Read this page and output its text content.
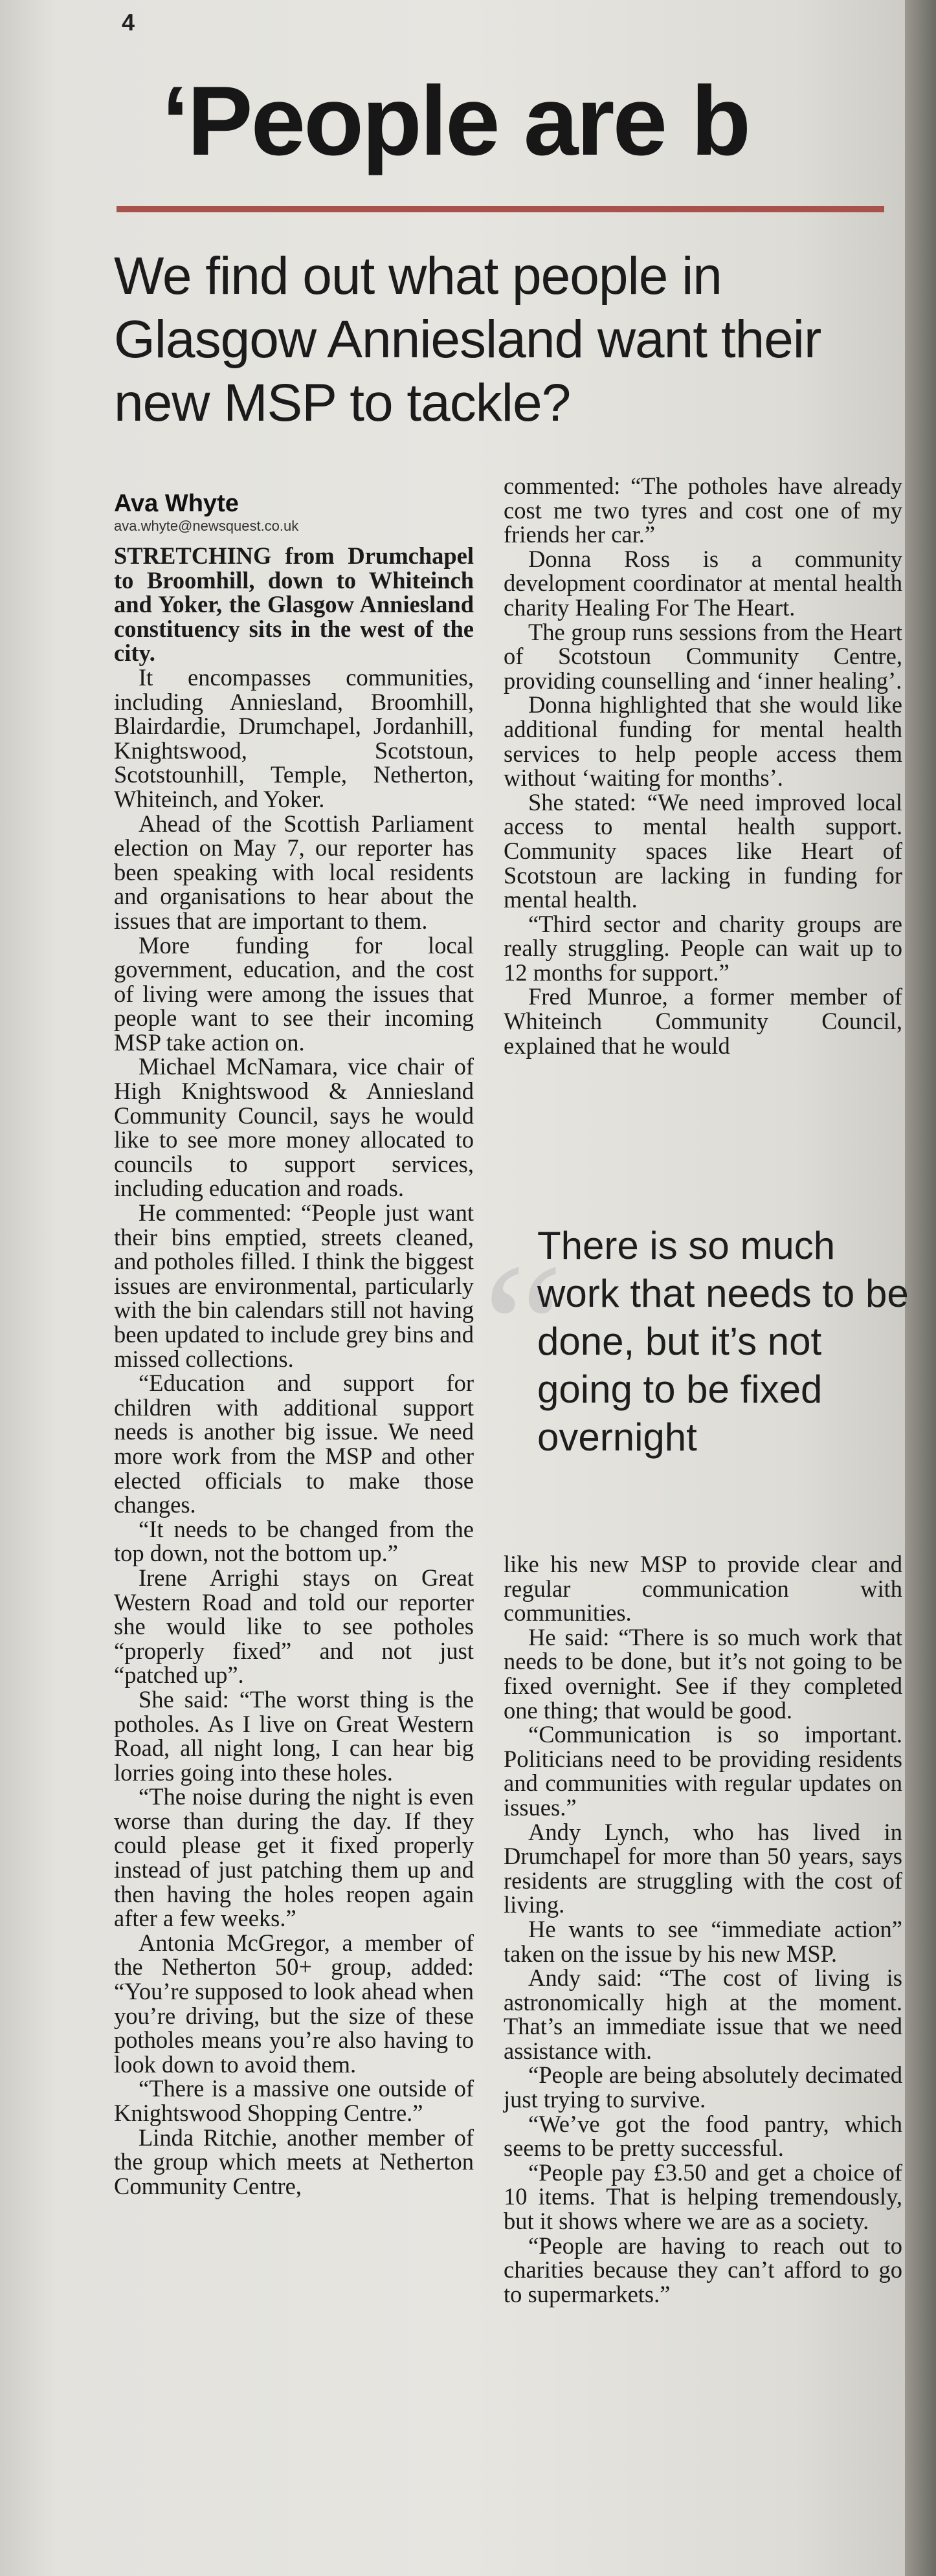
4
‘People are b
We find out what people in Glasgow Anniesland want their new MSP to tackle?
Ava Whyte
ava.whyte@newsquest.co.uk

STRETCHING from Drumchapel to Broomhill, down to Whiteinch and Yoker, the Glasgow Anniesland constituency sits in the west of the city.

It encompasses communities, including Anniesland, Broomhill, Blairdardie, Drumchapel, Jordanhill, Knightswood, Scotstoun, Scotstounhill, Temple, Netherton, Whiteinch, and Yoker.

Ahead of the Scottish Parliament election on May 7, our reporter has been speaking with local residents and organisations to hear about the issues that are important to them.

More funding for local government, education, and the cost of living were among the issues that people want to see their incoming MSP take action on.

Michael McNamara, vice chair of High Knightswood & Anniesland Community Council, says he would like to see more money allocated to councils to support services, including education and roads.

He commented: “People just want their bins emptied, streets cleaned, and potholes filled. I think the biggest issues are environmental, particularly with the bin calendars still not having been updated to include grey bins and missed collections.

“Education and support for children with additional support needs is another big issue. We need more work from the MSP and other elected officials to make those changes.

“It needs to be changed from the top down, not the bottom up.”

Irene Arrighi stays on Great Western Road and told our reporter she would like to see potholes “properly fixed” and not just “patched up”.

She said: “The worst thing is the potholes. As I live on Great Western Road, all night long, I can hear big lorries going into these holes.

“The noise during the night is even worse than during the day. If they could please get it fixed properly instead of just patching them up and then having the holes reopen again after a few weeks.”

Antonia McGregor, a member of the Netherton 50+ group, added: “You’re supposed to look ahead when you’re driving, but the size of these potholes means you’re also having to look down to avoid them.

“There is a massive one outside of Knightswood Shopping Centre.”

Linda Ritchie, another member of the group which meets at Netherton Community Centre,

commented: “The potholes have already cost me two tyres and cost one of my friends her car.”

Donna Ross is a community development coordinator at mental health charity Healing For The Heart.

The group runs sessions from the Heart of Scotstoun Community Centre, providing counselling and ‘inner healing’.

Donna highlighted that she would like additional funding for mental health services to help people access them without ‘waiting for months’.

She stated: “We need improved local access to mental health support. Community spaces like Heart of Scotstoun are lacking in funding for mental health.

“Third sector and charity groups are really struggling. People can wait up to 12 months for support.”

Fred Munroe, a former member of Whiteinch Community Council, explained that he would

“
There is so much work that needs to be done, but it’s not going to be fixed overnight

like his new MSP to provide clear and regular communication with communities.

He said: “There is so much work that needs to be done, but it’s not going to be fixed overnight. See if they completed one thing; that would be good.

“Communication is so important. Politicians need to be providing residents and communities with regular updates on issues.”

Andy Lynch, who has lived in Drumchapel for more than 50 years, says residents are struggling with the cost of living.

He wants to see “immediate action” taken on the issue by his new MSP.

Andy said: “The cost of living is astronomically high at the moment. That’s an immediate issue that we need assistance with.

“People are being absolutely decimated just trying to survive.

“We’ve got the food pantry, which seems to be pretty successful.

“People pay £3.50 and get a choice of 10 items. That is helping tremendously, but it shows where we are as a society.

“People are having to reach out to charities because they can’t afford to go to supermarkets.”
